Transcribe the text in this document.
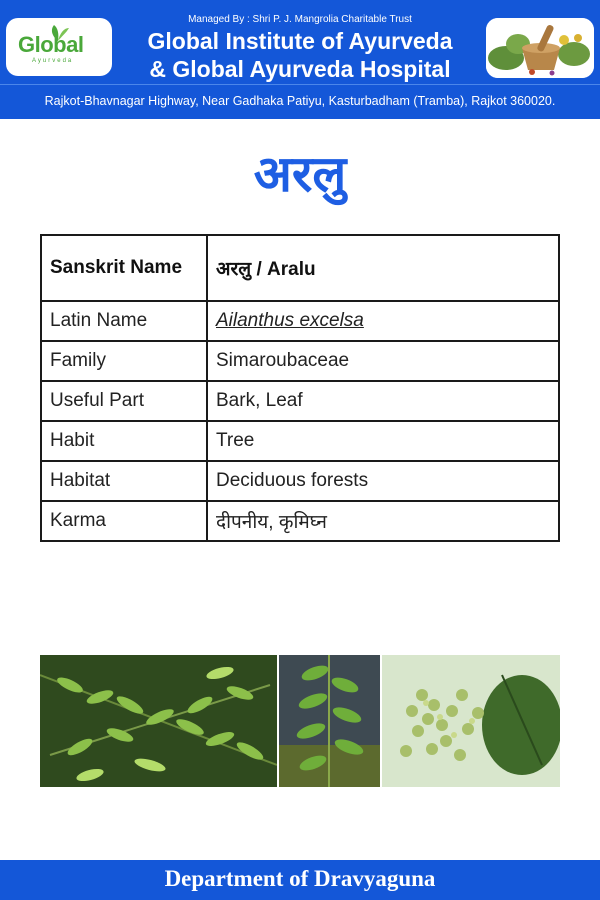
Global
Ayurveda
Managed By : Shri P. J. Mangrolia Charitable Trust
Global Institute of Ayurveda
& Global Ayurveda Hospital
Rajkot-Bhavnagar Highway, Near Gadhaka Patiyu, Kasturbadham (Tramba), Rajkot 360020.
अरलु
Sanskrit Name	अरलु / Aralu
Latin Name	Ailanthus excelsa
Family	Simaroubaceae
Useful Part	Bark, Leaf
Habit	Tree
Habitat	Deciduous forests
Karma	दीपनीय, कृमिघ्न
Department of Dravyaguna
